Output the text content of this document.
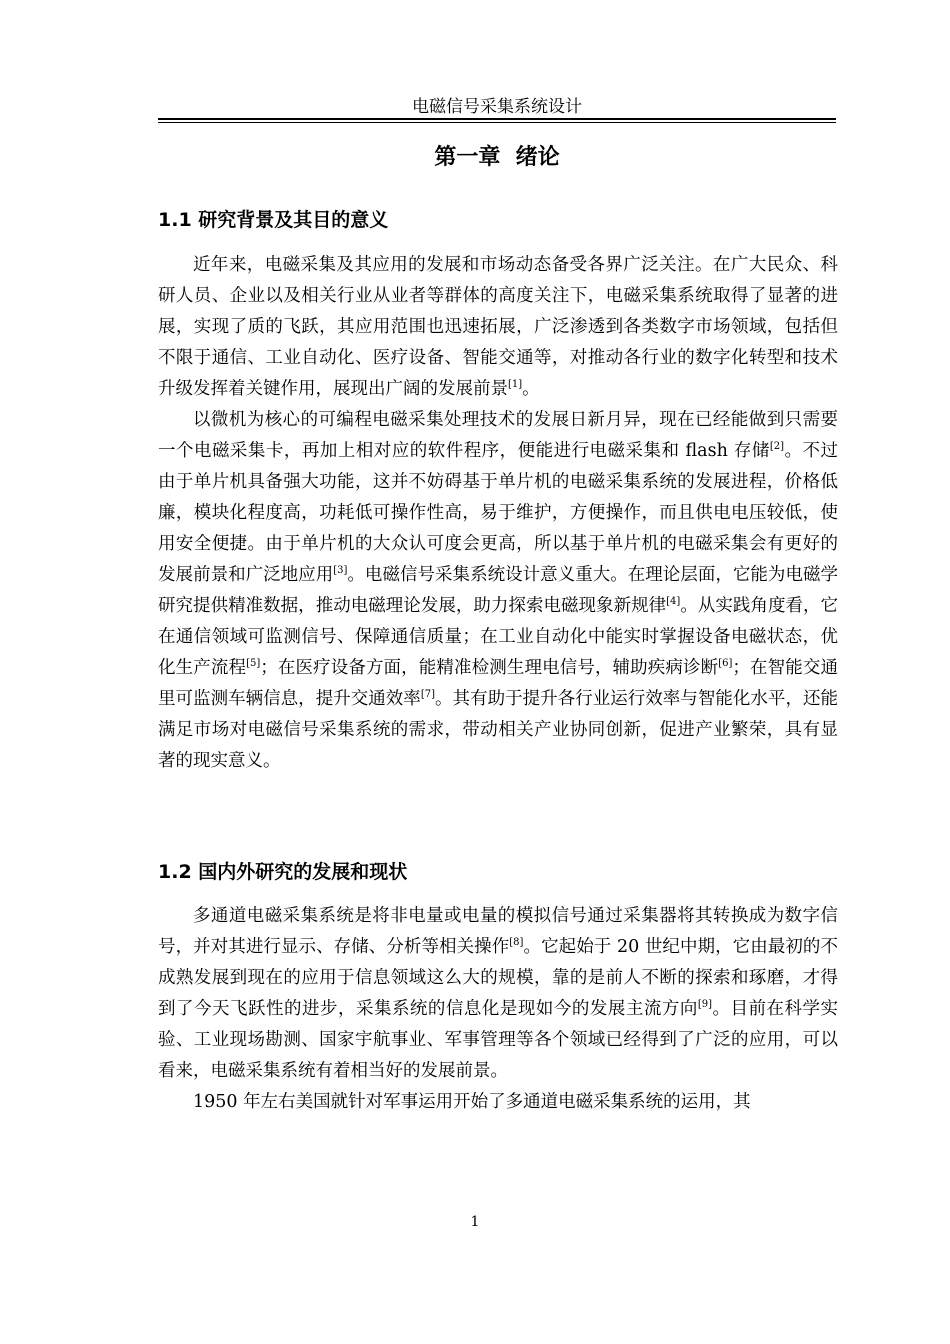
电磁信号采集系统设计
第一章  绪论
1.1 研究背景及其目的意义

近年来，电磁采集及其应用的发展和市场动态备受各界广泛关注。在广大民众、科研人员、企业以及相关行业从业者等群体的高度关注下，电磁采集系统取得了显著的进展，实现了质的飞跃，其应用范围也迅速拓展，广泛渗透到各类数字市场领域，包括但不限于通信、工业自动化、医疗设备、智能交通等，对推动各行业的数字化转型和技术升级发挥着关键作用，展现出广阔的发展前景[1]。

以微机为核心的可编程电磁采集处理技术的发展日新月异，现在已经能做到只需要一个电磁采集卡，再加上相对应的软件程序，便能进行电磁采集和 flash 存储[2]。不过由于单片机具备强大功能，这并不妨碍基于单片机的电磁采集系统的发展进程，价格低廉，模块化程度高，功耗低可操作性高，易于维护，方便操作，而且供电电压较低，使用安全便捷。由于单片机的大众认可度会更高，所以基于单片机的电磁采集会有更好的发展前景和广泛地应用[3]。电磁信号采集系统设计意义重大。在理论层面，它能为电磁学研究提供精准数据，推动电磁理论发展，助力探索电磁现象新规律[4]。从实践角度看，它在通信领域可监测信号、保障通信质量；在工业自动化中能实时掌握设备电磁状态，优化生产流程[5]；在医疗设备方面，能精准检测生理电信号，辅助疾病诊断[6]；在智能交通里可监测车辆信息，提升交通效率[7]。其有助于提升各行业运行效率与智能化水平，还能满足市场对电磁信号采集系统的需求，带动相关产业协同创新，促进产业繁荣，具有显著的现实意义。

1.2 国内外研究的发展和现状

多通道电磁采集系统是将非电量或电量的模拟信号通过采集器将其转换成为数字信号，并对其进行显示、存储、分析等相关操作[8]。它起始于 20 世纪中期，它由最初的不成熟发展到现在的应用于信息领域这么大的规模，靠的是前人不断的探索和琢磨，才得到了今天飞跃性的进步，采集系统的信息化是现如今的发展主流方向[9]。目前在科学实验、工业现场勘测、国家宇航事业、军事管理等各个领域已经得到了广泛的应用，可以看来，电磁采集系统有着相当好的发展前景。

1950 年左右美国就针对军事运用开始了多通道电磁采集系统的运用，其

1
